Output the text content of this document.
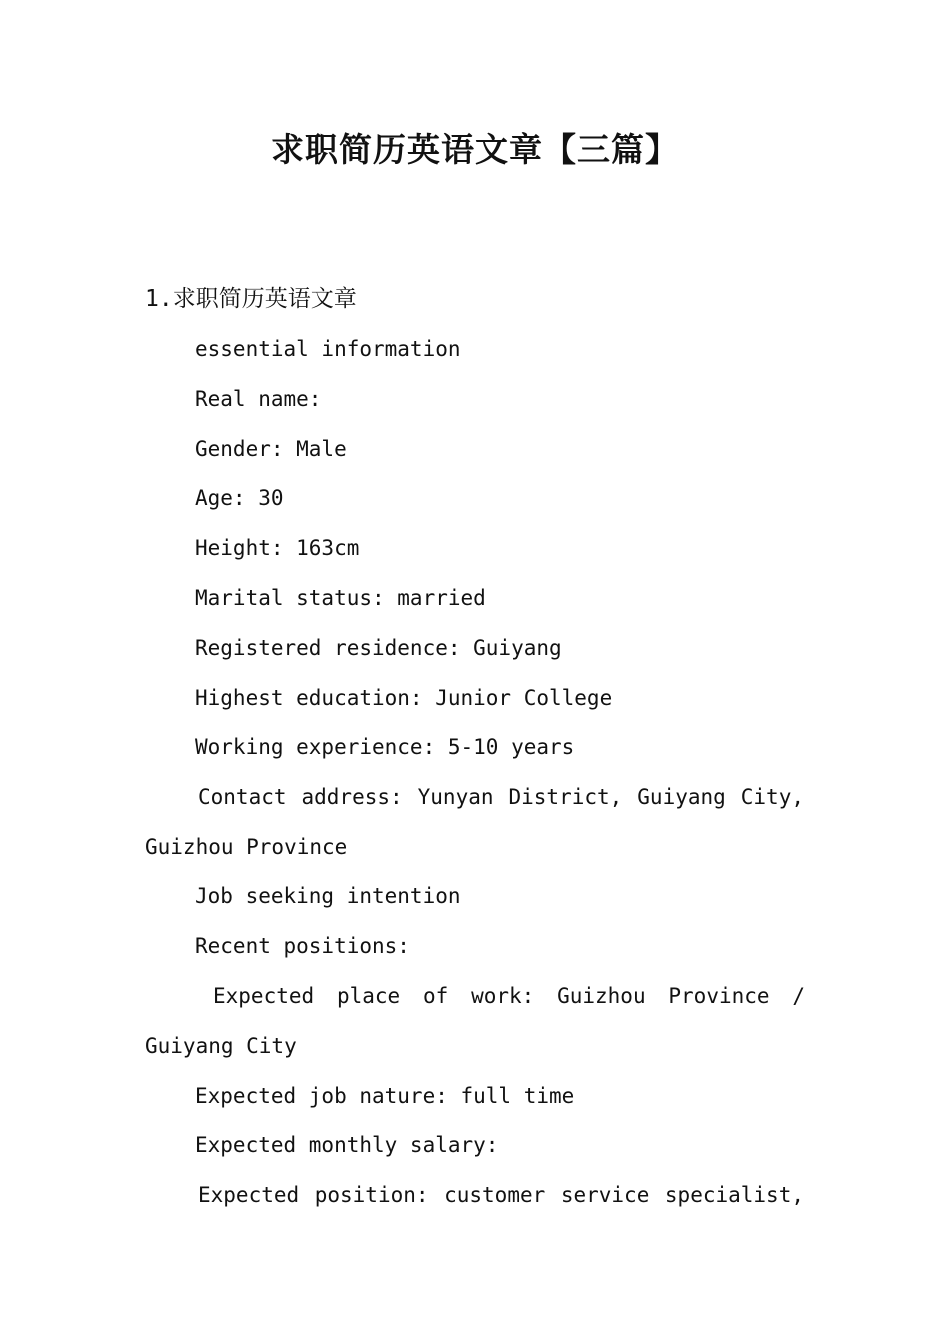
求职简历英语文章【三篇】
1.求职简历英语文章
essential information
Real name:
Gender: Male
Age: 30
Height: 163cm
Marital status: married
Registered residence: Guiyang
Highest education: Junior College
Working experience: 5-10 years
Contact address: Yunyan District, Guiyang City,
Guizhou Province
Job seeking intention
Recent positions:
Expected place of work: Guizhou Province /
Guiyang City
Expected job nature: full time
Expected monthly salary:
Expected position: customer service specialist,
